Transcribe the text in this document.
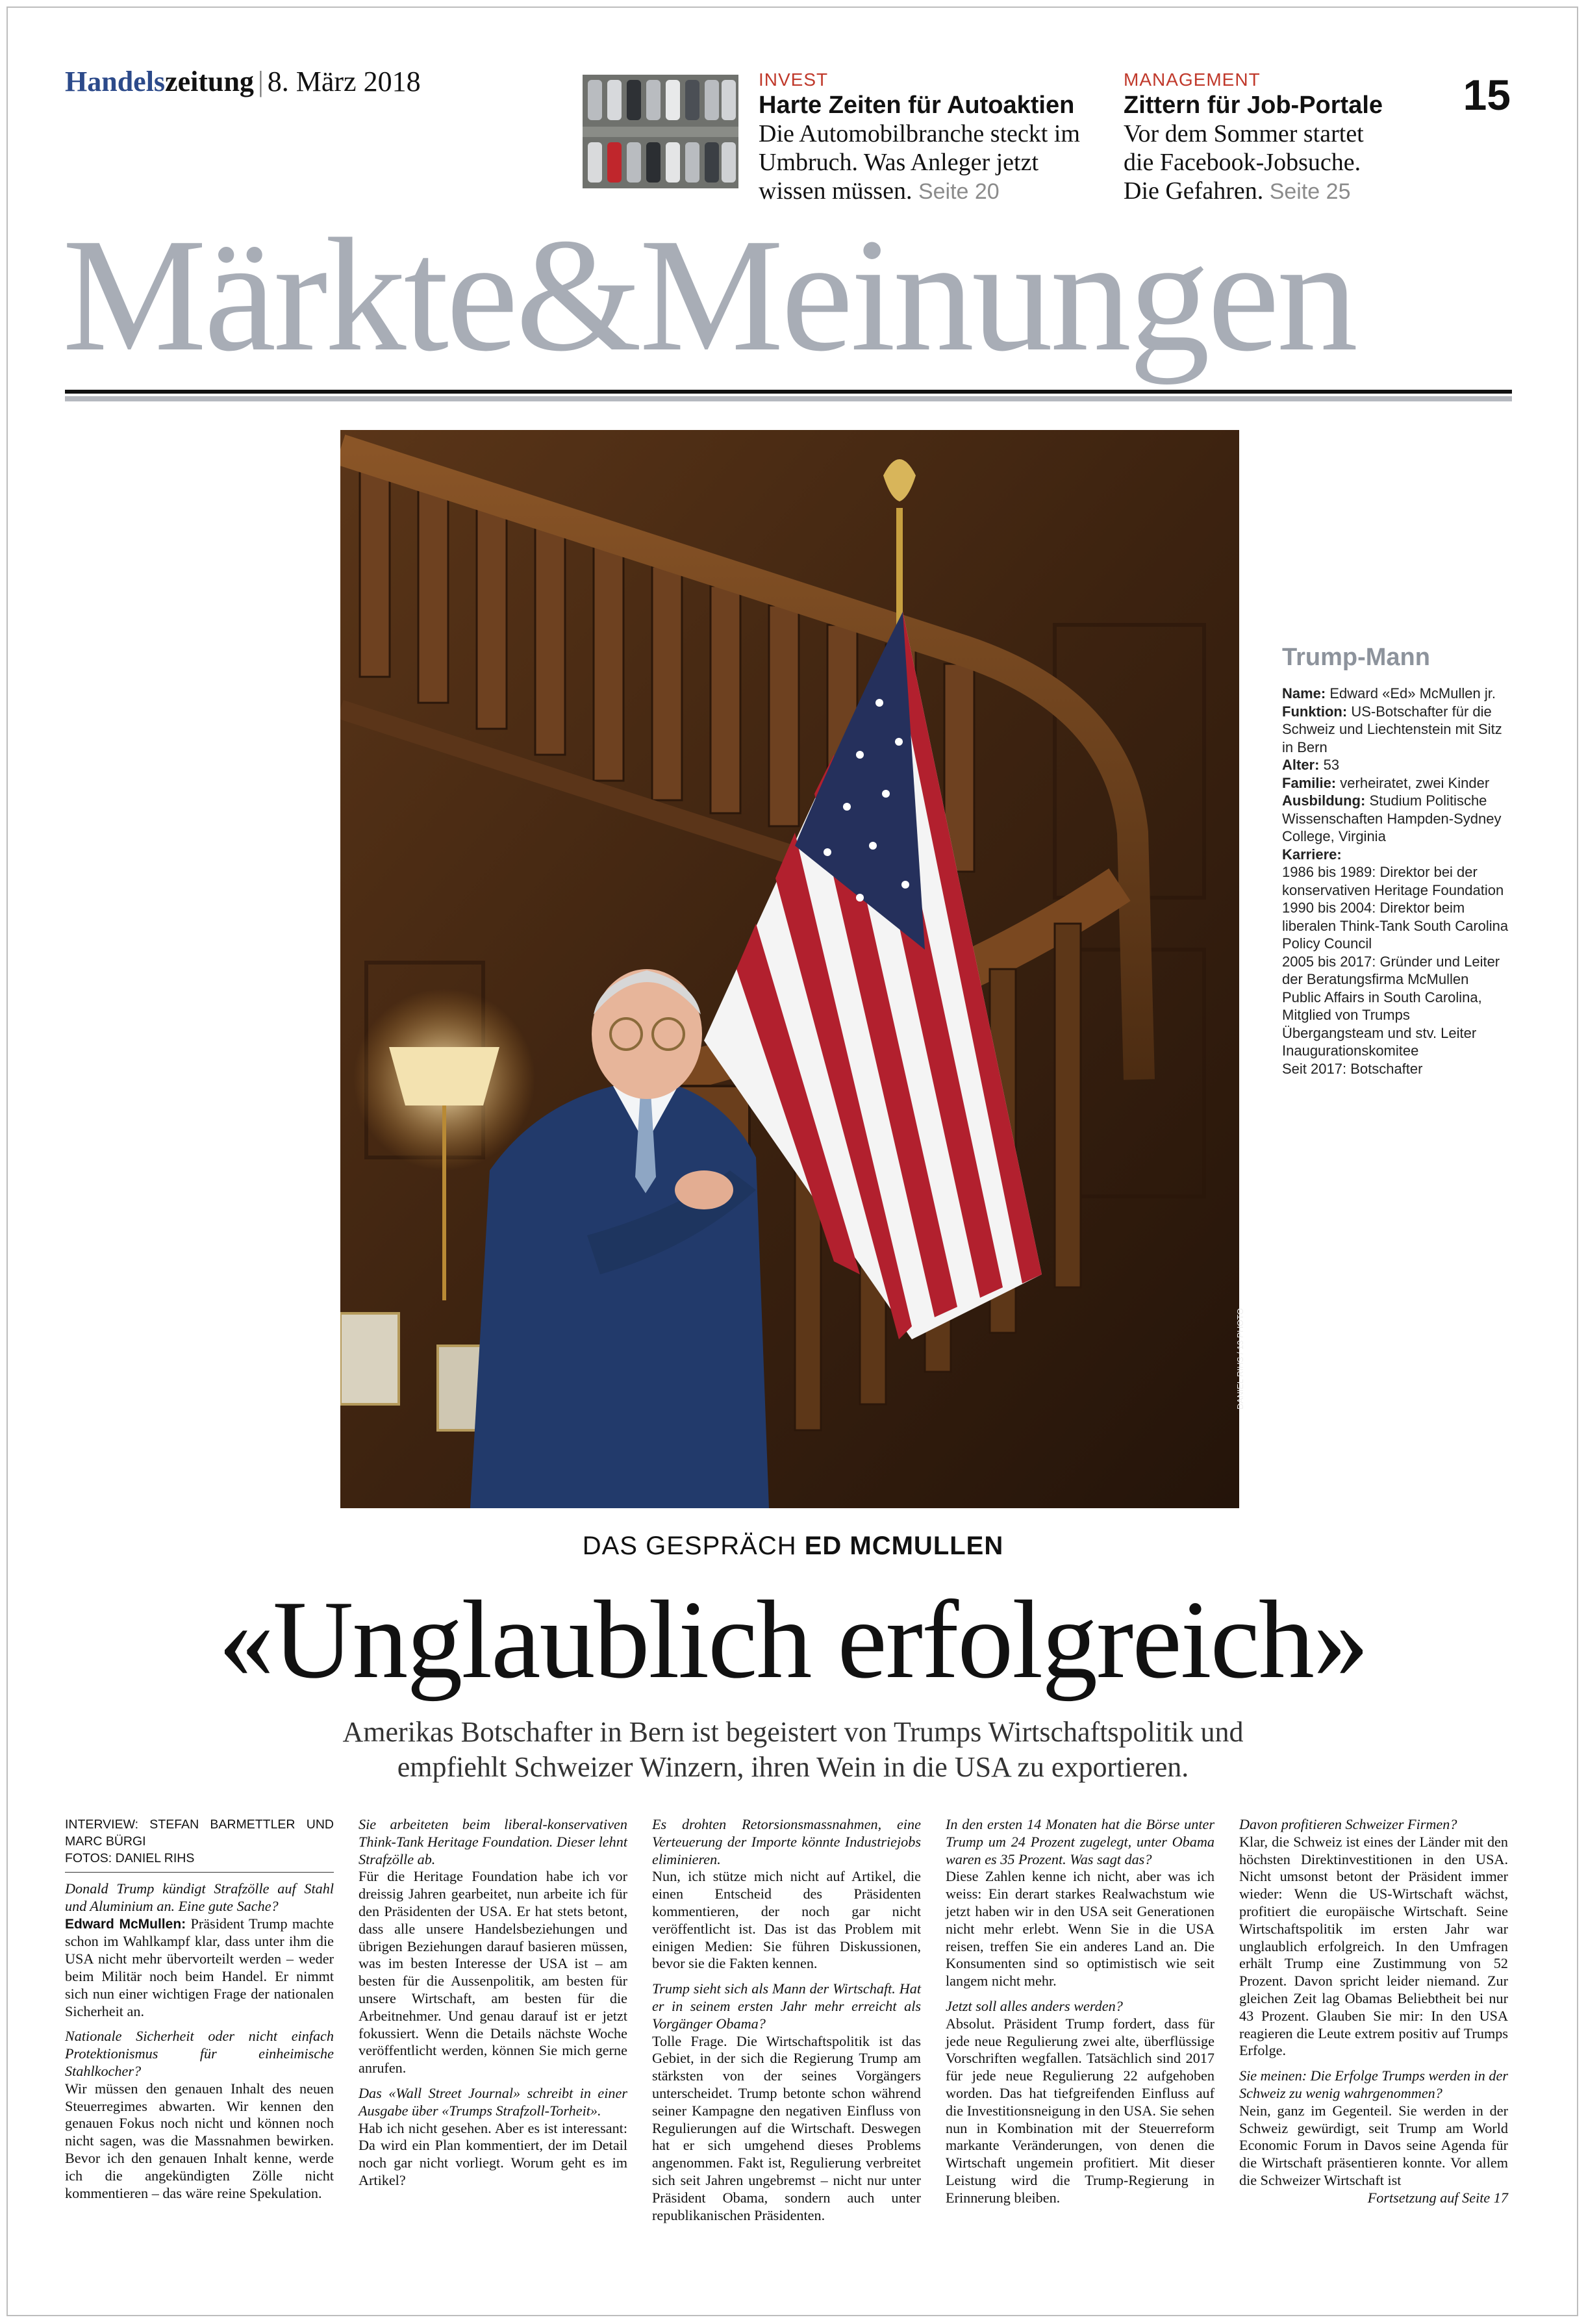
Handelszeitung | 8. März 2018	INVEST
Harte Zeiten für Autoaktien
Die Automobilbranche steckt im Umbruch. Was Anleger jetzt wissen müssen. Seite 20
MANAGEMENT
Zittern für Job-Portale
Vor dem Sommer startet die Facebook-Jobsuche. Die Gefahren. Seite 25
15
Märkte&Meinungen
DANIEL RIHS / 13 PHOTO
Trump-Mann
Name: Edward «Ed» McMullen jr.
Funktion: US-Botschafter für die Schweiz und Liechtenstein mit Sitz in Bern
Alter: 53
Familie: verheiratet, zwei Kinder
Ausbildung: Studium Politische Wissenschaften Hampden-Sydney College, Virginia
Karriere:
1986 bis 1989: Direktor bei der konservativen Heritage Foundation
1990 bis 2004: Direktor beim liberalen Think-Tank South Carolina Policy Council
2005 bis 2017: Gründer und Leiter der Beratungsfirma McMullen Public Affairs in South Carolina, Mitglied von Trumps Übergangsteam und stv. Leiter Inaugurationskomitee
Seit 2017: Botschafter
DAS GESPRÄCH ED MCMULLEN
«Unglaublich erfolgreich»
Amerikas Botschafter in Bern ist begeistert von Trumps Wirtschaftspolitik und
empfiehlt Schweizer Winzern, ihren Wein in die USA zu exportieren.
INTERVIEW: STEFAN BARMETTLER UND MARC BÜRGI
FOTOS: DANIEL RIHS

Donald Trump kündigt Strafzölle auf Stahl und Aluminium an. Eine gute Sache?

Edward McMullen: Präsident Trump machte schon im Wahlkampf klar, dass unter ihm die USA nicht mehr übervorteilt werden – weder beim Militär noch beim Handel. Er nimmt sich nun einer wichtigen Frage der nationalen Sicherheit an.

Nationale Sicherheit oder nicht einfach Protektionismus für einheimische Stahlkocher?

Wir müssen den genauen Inhalt des neuen Steuerregimes abwarten. Wir kennen den genauen Fokus noch nicht und können noch nicht sagen, was die Massnahmen bewirken. Bevor ich den genauen Inhalt kenne, werde ich die angekündigten Zölle nicht kommentieren – das wäre reine Spekulation.

Sie arbeiteten beim liberal-konservativen Think-Tank Heritage Foundation. Dieser lehnt Strafzölle ab.

Für die Heritage Foundation habe ich vor dreissig Jahren gearbeitet, nun arbeite ich für den Präsidenten der USA. Er hat stets betont, dass alle unsere Handelsbeziehungen und übrigen Beziehungen darauf basieren müssen, was im besten Interesse der USA ist – am besten für die Aussenpolitik, am besten für unsere Wirtschaft, am besten für die Arbeitnehmer. Und genau darauf ist er jetzt fokussiert. Wenn die Details nächste Woche veröffentlicht werden, können Sie mich gerne anrufen.

Das «Wall Street Journal» schreibt in einer Ausgabe über «Trumps Strafzoll-Torheit».

Hab ich nicht gesehen. Aber es ist interessant: Da wird ein Plan kommentiert, der im Detail noch gar nicht vorliegt. Worum geht es im Artikel?

Es drohten Retorsionsmassnahmen, eine Verteuerung der Importe könnte Industriejobs eliminieren.

Nun, ich stütze mich nicht auf Artikel, die einen Entscheid des Präsidenten kommentieren, der noch gar nicht veröffentlicht ist. Das ist das Problem mit einigen Medien: Sie führen Diskussionen, bevor sie die Fakten kennen.

Trump sieht sich als Mann der Wirtschaft. Hat er in seinem ersten Jahr mehr erreicht als Vorgänger Obama?

Tolle Frage. Die Wirtschaftspolitik ist das Gebiet, in der sich die Regierung Trump am stärksten von der seines Vorgängers unterscheidet. Trump betonte schon während seiner Kampagne den negativen Einfluss von Regulierungen auf die Wirtschaft. Deswegen hat er sich umgehend dieses Problems angenommen. Fakt ist, Regulierung verbreitet sich seit Jahren ungebremst – nicht nur unter Präsident Obama, sondern auch unter republikanischen Präsidenten.

In den ersten 14 Monaten hat die Börse unter Trump um 24 Prozent zugelegt, unter Obama waren es 35 Prozent. Was sagt das?

Diese Zahlen kenne ich nicht, aber was ich weiss: Ein derart starkes Realwachstum wie jetzt haben wir in den USA seit Generationen nicht mehr erlebt. Wenn Sie in die USA reisen, treffen Sie ein anderes Land an. Die Konsumenten sind so optimistisch wie seit langem nicht mehr.

Jetzt soll alles anders werden?

Absolut. Präsident Trump fordert, dass für jede neue Regulierung zwei alte, überflüssige Vorschriften wegfallen. Tatsächlich sind 2017 für jede neue Regulierung 22 aufgehoben worden. Das hat tiefgreifenden Einfluss auf die Investitionsneigung in den USA. Sie sehen nun in Kombination mit der Steuerreform markante Veränderungen, von denen die Wirtschaft ungemein profitiert. Mit dieser Leistung wird die Trump-Regierung in Erinnerung bleiben.

Davon profitieren Schweizer Firmen?

Klar, die Schweiz ist eines der Länder mit den höchsten Direktinvestitionen in den USA. Nicht umsonst betont der Präsident immer wieder: Wenn die US-Wirtschaft wächst, profitiert die europäische Wirtschaft. Seine Wirtschaftspolitik im ersten Jahr war unglaublich erfolgreich. In den Umfragen erhält Trump eine Zustimmung von 52 Prozent. Davon spricht leider niemand. Zur gleichen Zeit lag Obamas Beliebtheit bei nur 43 Prozent. Glauben Sie mir: In den USA reagieren die Leute extrem positiv auf Trumps Erfolge.

Sie meinen: Die Erfolge Trumps werden in der Schweiz zu wenig wahrgenommen?

Nein, ganz im Gegenteil. Sie werden in der Schweiz gewürdigt, seit Trump am World Economic Forum in Davos seine Agenda für die Wirtschaft präsentieren konnte. Vor allem die Schweizer Wirtschaft ist

Fortsetzung auf Seite 17
